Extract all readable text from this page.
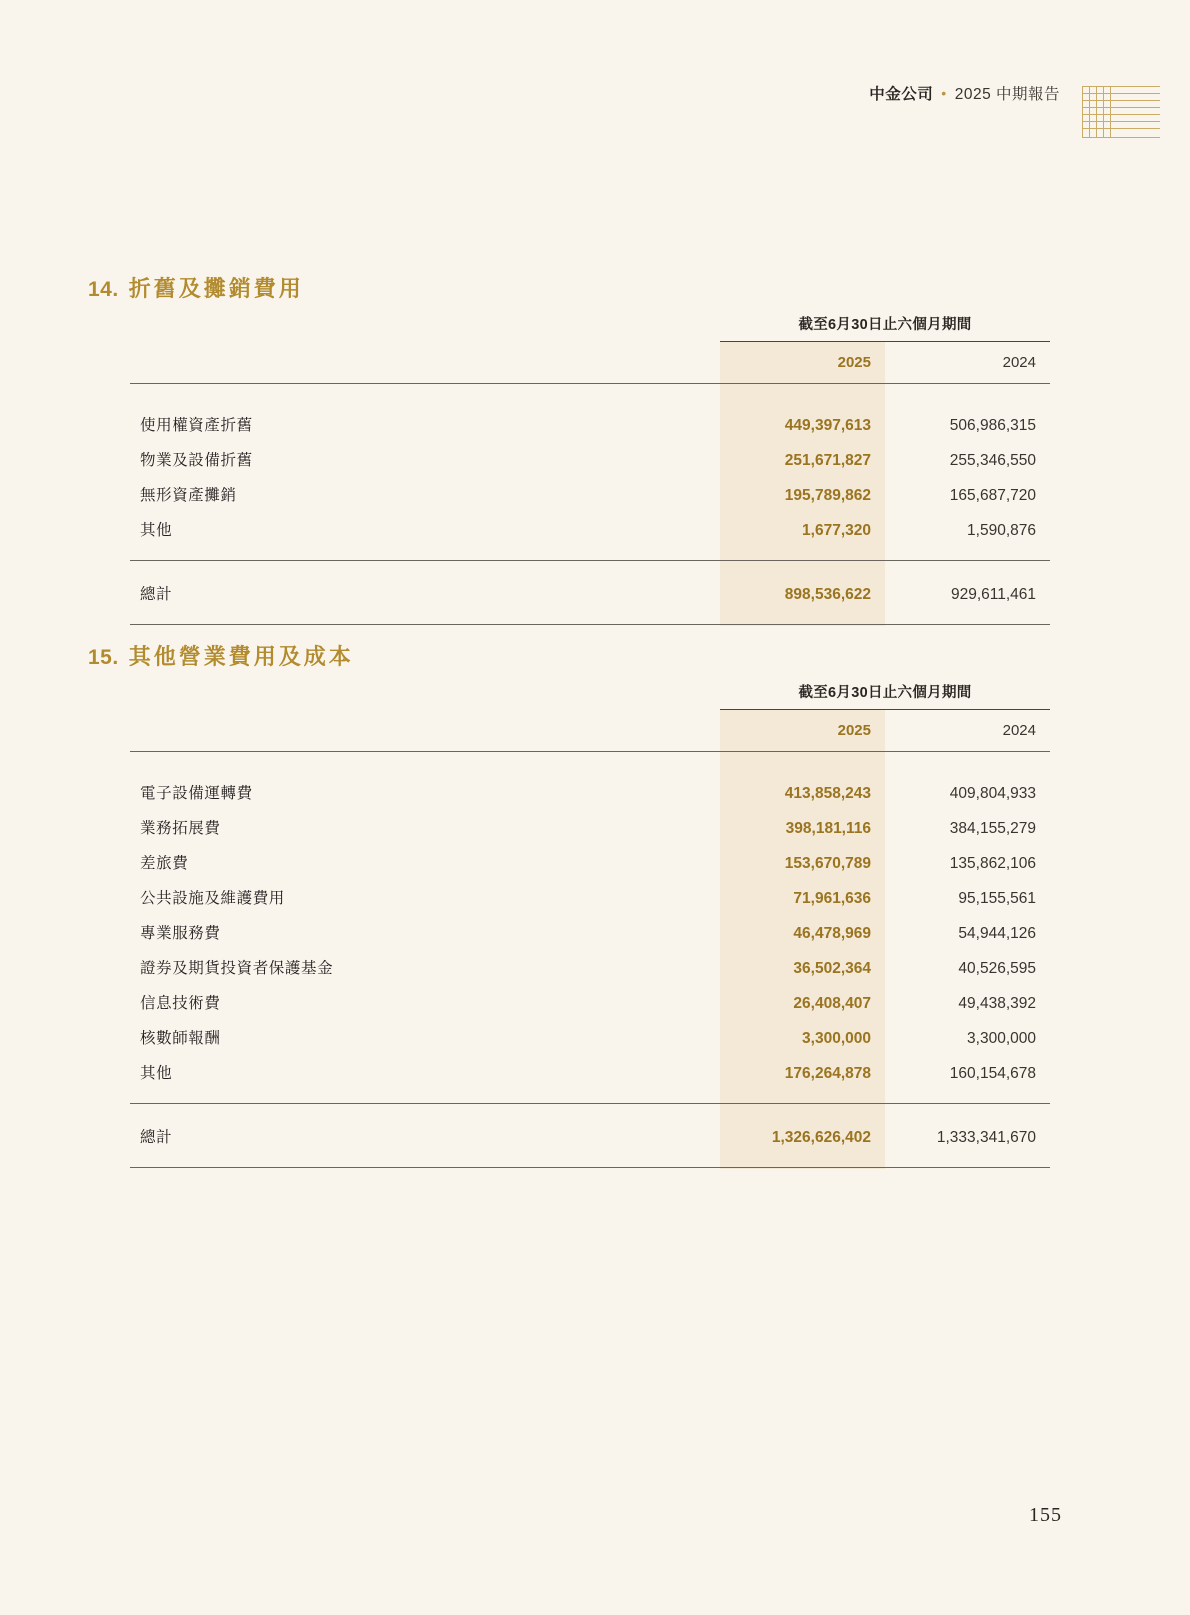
中金公司 • 2025 中期報告
14. 折舊及攤銷費用
	截至6月30日止六個月期間	
	2025	2024

使用權資產折舊	449,397,613	506,986,315
物業及設備折舊	251,671,827	255,346,550
無形資產攤銷	195,789,862	165,687,720
其他	1,677,320	1,590,876

總計	898,536,622	929,611,461

15. 其他營業費用及成本
	截至6月30日止六個月期間	
	2025	2024

電子設備運轉費	413,858,243	409,804,933
業務拓展費	398,181,116	384,155,279
差旅費	153,670,789	135,862,106
公共設施及維護費用	71,961,636	95,155,561
專業服務費	46,478,969	54,944,126
證券及期貨投資者保護基金	36,502,364	40,526,595
信息技術費	26,408,407	49,438,392
核數師報酬	3,300,000	3,300,000
其他	176,264,878	160,154,678

總計	1,326,626,402	1,333,341,670

155
